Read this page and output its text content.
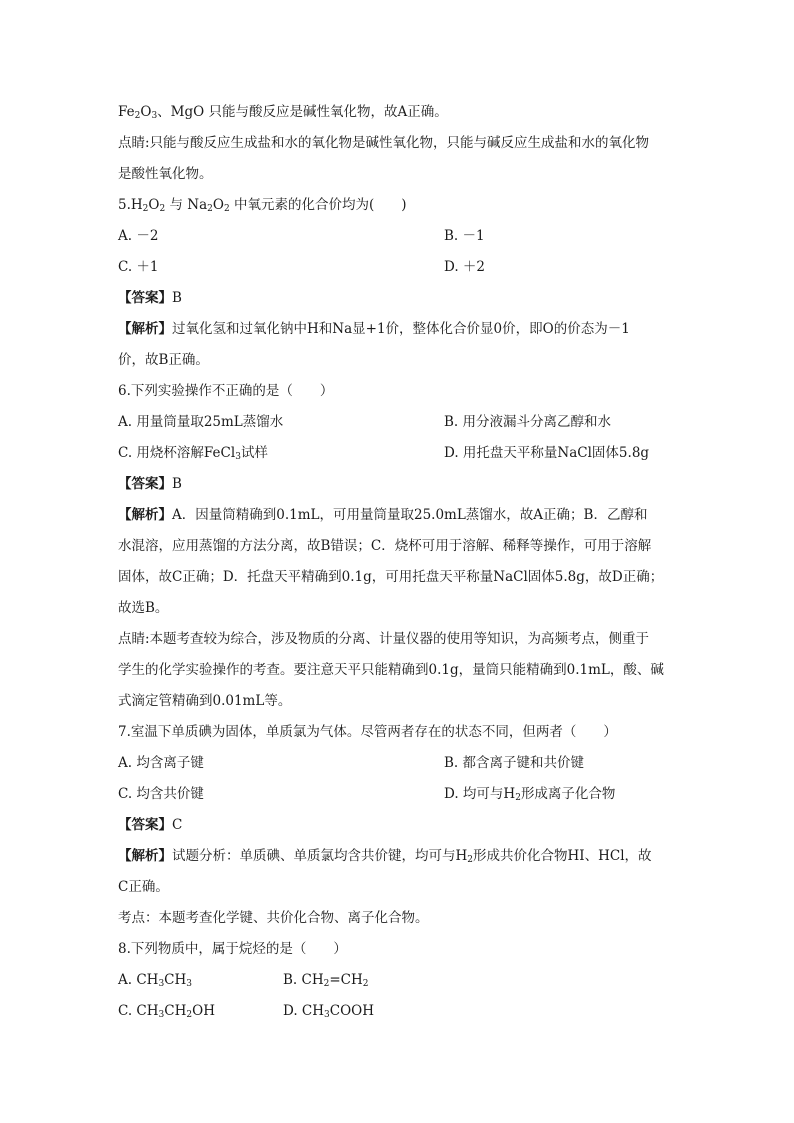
$Fe_2O_3$、MgO 只能与酸反应是碱性氧化物，故A正确。
点睛:只能与酸反应生成盐和水的氧化物是碱性氧化物，只能与碱反应生成盐和水的氧化物
是酸性氧化物。
$5.H_2O_2$ 与 $Na_2O_2$ 中氧元素的化合价均为(　　)
A. －2	B. －1
C. ＋1	D. ＋2
【答案】B
【解析】过氧化氢和过氧化钠中H和Na显+1价，整体化合价显0价，即O的价态为－1
价，故B正确。
6.下列实验操作不正确的是（　　）
A. 用量筒量取25mL蒸馏水	B. 用分液漏斗分离乙醇和水
C. 用烧杯溶解FeCl$_3$试样	D. 用托盘天平称量NaCl固体5.8g
【答案】B
【解析】A．因量筒精确到0.1mL，可用量筒量取25.0mL蒸馏水，故A正确；B．乙醇和
水混溶，应用蒸馏的方法分离，故B错误；C．烧杯可用于溶解、稀释等操作，可用于溶解
固体，故C正确；D．托盘天平精确到0.1g，可用托盘天平称量NaCl固体5.8g，故D正确；
故选B。
点睛:本题考查较为综合，涉及物质的分离、计量仪器的使用等知识，为高频考点，侧重于
学生的化学实验操作的考查。要注意天平只能精确到0.1g，量筒只能精确到0.1mL，酸、碱
式滴定管精确到0.01mL等。
7.室温下单质碘为固体，单质氯为气体。尽管两者存在的状态不同，但两者（　　）
A. 均含离子键	B. 都含离子键和共价键
C. 均含共价键	D. 均可与$H_2$形成离子化合物
【答案】C
【解析】试题分析：单质碘、单质氯均含共价键，均可与$H_2$形成共价化合物HI、HCl，故
C正确。
考点：本题考查化学键、共价化合物、离子化合物。
8.下列物质中，属于烷烃的是（　　）
A. $CH_3CH_3$	B. $CH_2=CH_2$
C. $CH_3CH_2OH$	D. $CH_3COOH$
